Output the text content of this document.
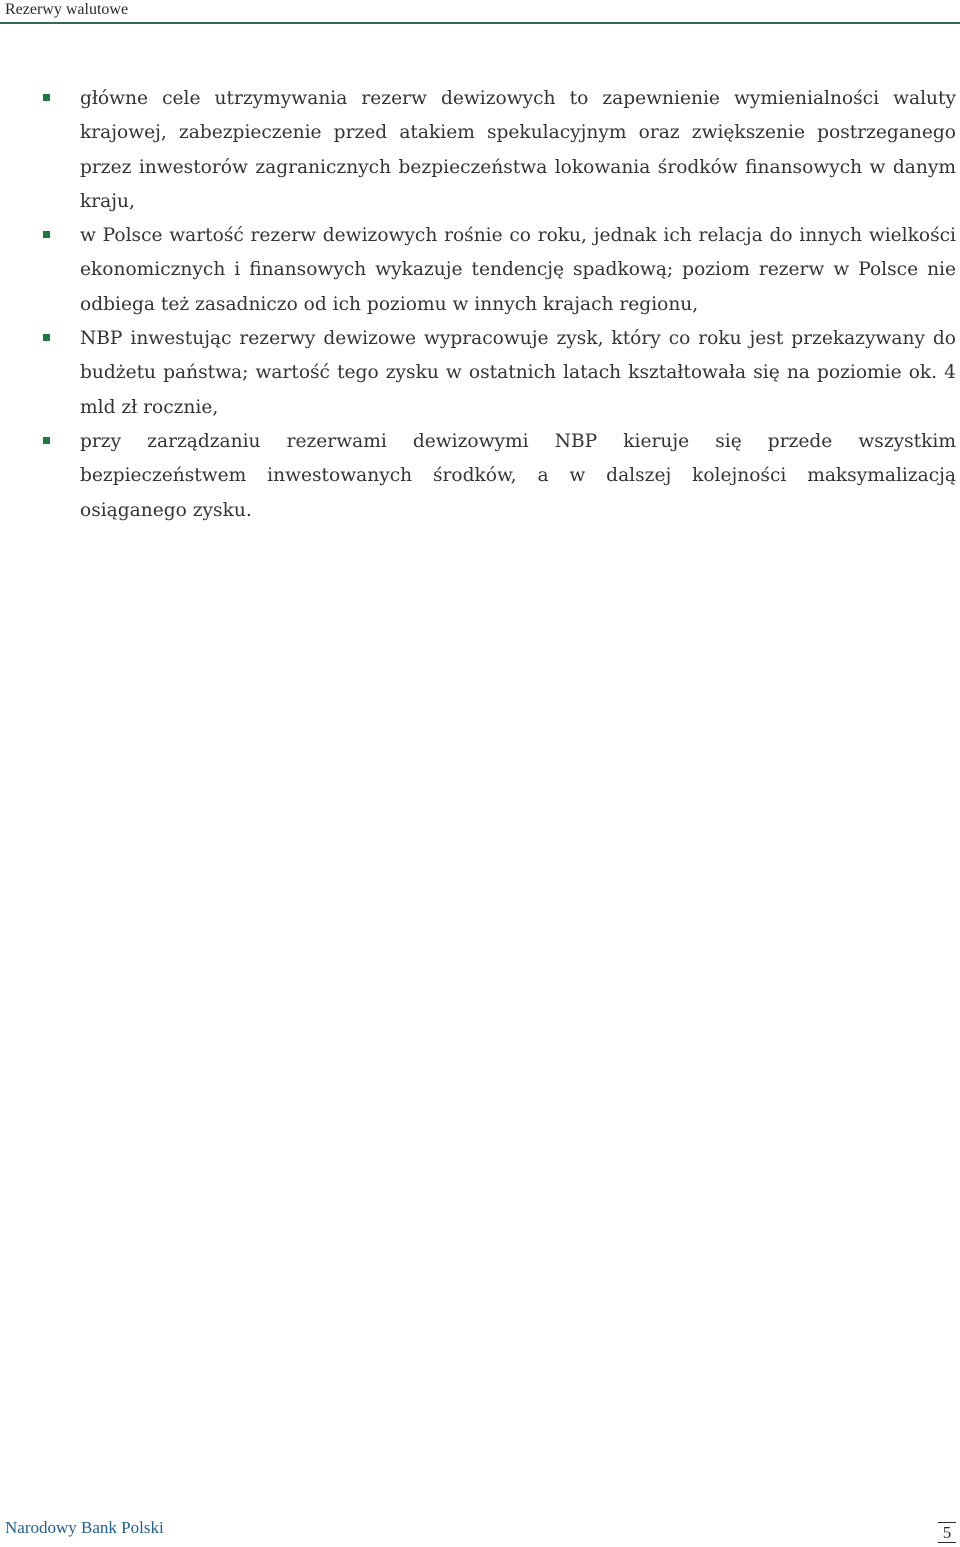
Rezerwy walutowe
główne cele utrzymywania rezerw dewizowych to zapewnienie wymienialności waluty krajowej, zabezpieczenie przed atakiem spekulacyjnym oraz zwiększenie postrzeganego przez inwestorów zagranicznych bezpieczeństwa lokowania środków finansowych w danym kraju,
w Polsce wartość rezerw dewizowych rośnie co roku, jednak ich relacja do innych wielkości ekonomicznych i finansowych wykazuje tendencję spadkową; poziom rezerw w Polsce nie odbiega też zasadniczo od ich poziomu w innych krajach regionu,
NBP inwestując rezerwy dewizowe wypracowuje zysk, który co roku jest przekazywany do budżetu państwa; wartość tego zysku w ostatnich latach kształtowała się na poziomie ok. 4 mld zł rocznie,
przy zarządzaniu rezerwami dewizowymi NBP kieruje się przede wszystkim bezpieczeństwem inwestowanych środków, a w dalszej kolejności maksymalizacją osiąganego zysku.
Narodowy Bank Polski	5
